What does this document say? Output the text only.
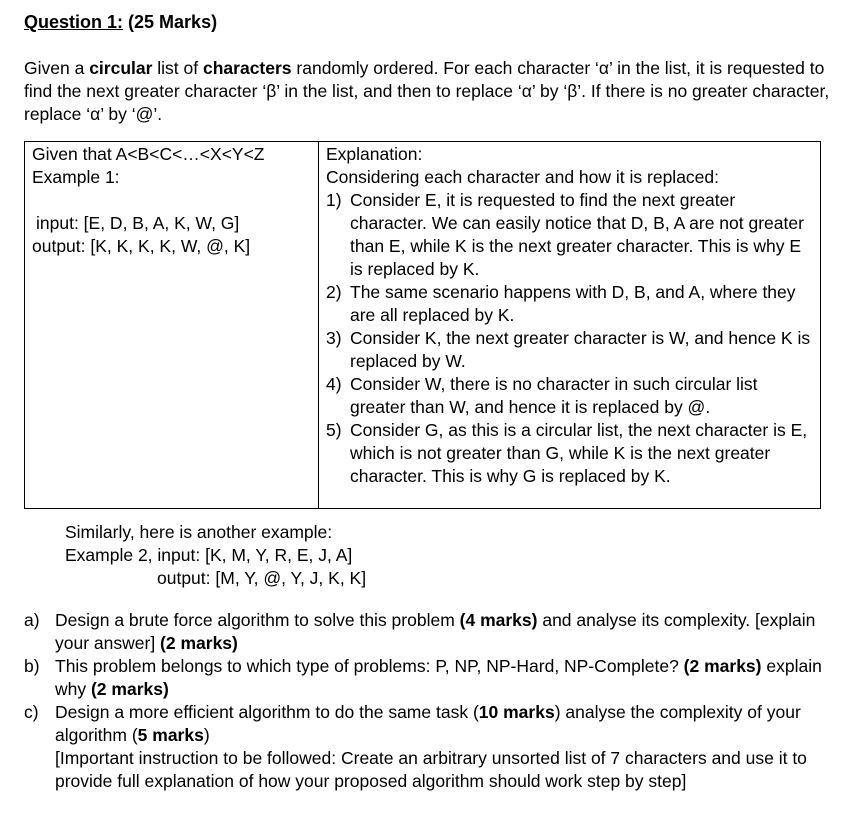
Question 1: (25 Marks)

Given a circular list of characters randomly ordered. For each character ‘α’ in the list, it is requested to find the next greater character ‘β’ in the list, and then to replace ‘α’ by ‘β’. If there is no greater character, replace ‘α’ by ‘@’.

Given that A<B<C<…<X<Y<Z
Example 1:
input: [E, D, B, A, K, W, G]
output: [K, K, K, K, W, @, K]
Explanation:
Considering each character and how it is replaced:
1) Consider E, it is requested to find the next greater character. We can easily notice that D, B, A are not greater than E, while K is the next greater character. This is why E is replaced by K.
2) The same scenario happens with D, B, and A, where they are all replaced by K.
3) Consider K, the next greater character is W, and hence K is replaced by W.
4) Consider W, there is no character in such circular list greater than W, and hence it is replaced by @.
5) Consider G, as this is a circular list, the next character is E, which is not greater than G, while K is the next greater character. This is why G is replaced by K.
Similarly, here is another example:
Example 2, input: [K, M, Y, R, E, J, A]
output: [M, Y, @, Y, J, K, K]
a) Design a brute force algorithm to solve this problem (4 marks) and analyse its complexity. [explain your answer] (2 marks)
b) This problem belongs to which type of problems: P, NP, NP-Hard, NP-Complete? (2 marks) explain why (2 marks)
c) Design a more efficient algorithm to do the same task (10 marks) analyse the complexity of your algorithm (5 marks)
[Important instruction to be followed: Create an arbitrary unsorted list of 7 characters and use it to provide full explanation of how your proposed algorithm should work step by step]
